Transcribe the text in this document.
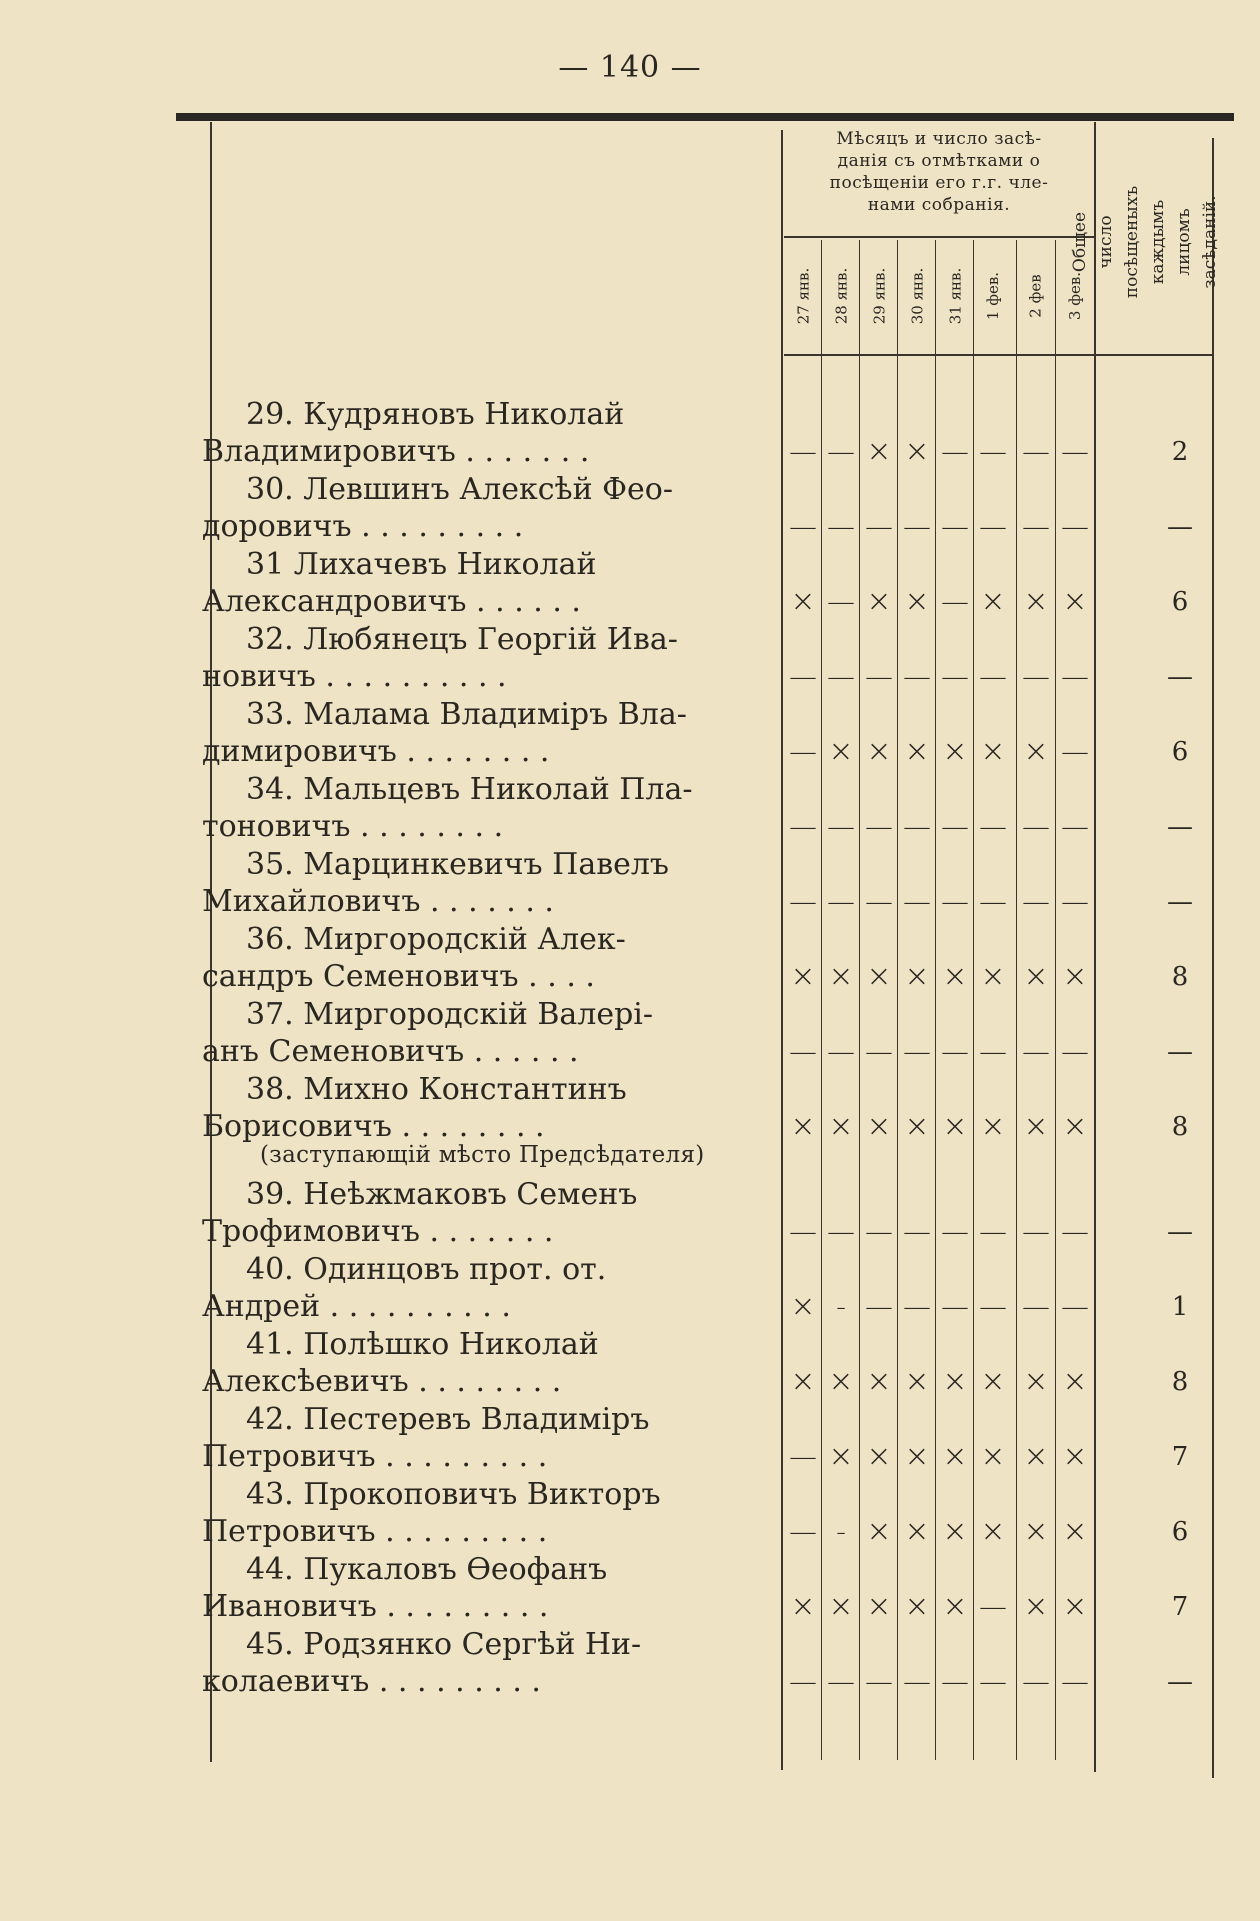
— 140 —
Мѣсяцъ и число засѣ-
данія съ отмѣтками о
посѣщеніи его г.г. чле-
нами собранія.
27 янв. 28 янв. 29 янв. 30 янв. 31 янв. 1 фев. 2 фев 3 фев.
Общее число посѣщеныхъ каждымъ лицомъ засѣданій.
29. Кудряновъ Николай
Владимировичъ . . . . . . .	— — × × — — — —	2
30. Левшинъ Алексѣй Фео-
доровичъ . . . . . . . . .	— — — — — — — —	—
31 Лихачевъ Николай
Александровичъ . . . . . .	× — × × — × × ×	6
32. Любянецъ Георгій Ива-
новичъ . . . . . . . . . .	— — — — — — — —	—
33. Малама Владиміръ Вла-
димировичъ . . . . . . . .	— × × × × × × —	6
34. Мальцевъ Николай Пла-
тоновичъ . . . . . . . .	— — — — — — — —	—
35. Марцинкевичъ Павелъ
Михайловичъ . . . . . . .	— — — — — — — —	—
36. Миргородскій Алек-
сандръ Семеновичъ . . . .	× × × × × × × ×	8
37. Миргородскій Валері-
анъ Семеновичъ . . . . . .	— — — — — — — —	—
38. Михно Константинъ
Борисовичъ . . . . . . . .	× × × × × × × ×	8
39. Неѣжмаковъ Семенъ
Трофимовичъ . . . . . . .	— — — — — — — —	—
40. Одинцовъ прот. от.
Андрей . . . . . . . . . .	× - — — — — — —	1
41. Полѣшко Николай
Алексѣевичъ . . . . . . . .	× × × × × × × ×	8
42. Пестеревъ Владиміръ
Петровичъ . . . . . . . . .	— × × × × × × ×	7
43. Прокоповичъ Викторъ
Петровичъ . . . . . . . . .	— - × × × × × ×	6
44. Пукаловъ Өеофанъ
Ивановичъ . . . . . . . . .	× × × × × — × ×	7
45. Родзянко Сергѣй Ни-
колаевичъ . . . . . . . . .	— — — — — — — —	—
(заступающій мѣсто Предсѣдателя)
